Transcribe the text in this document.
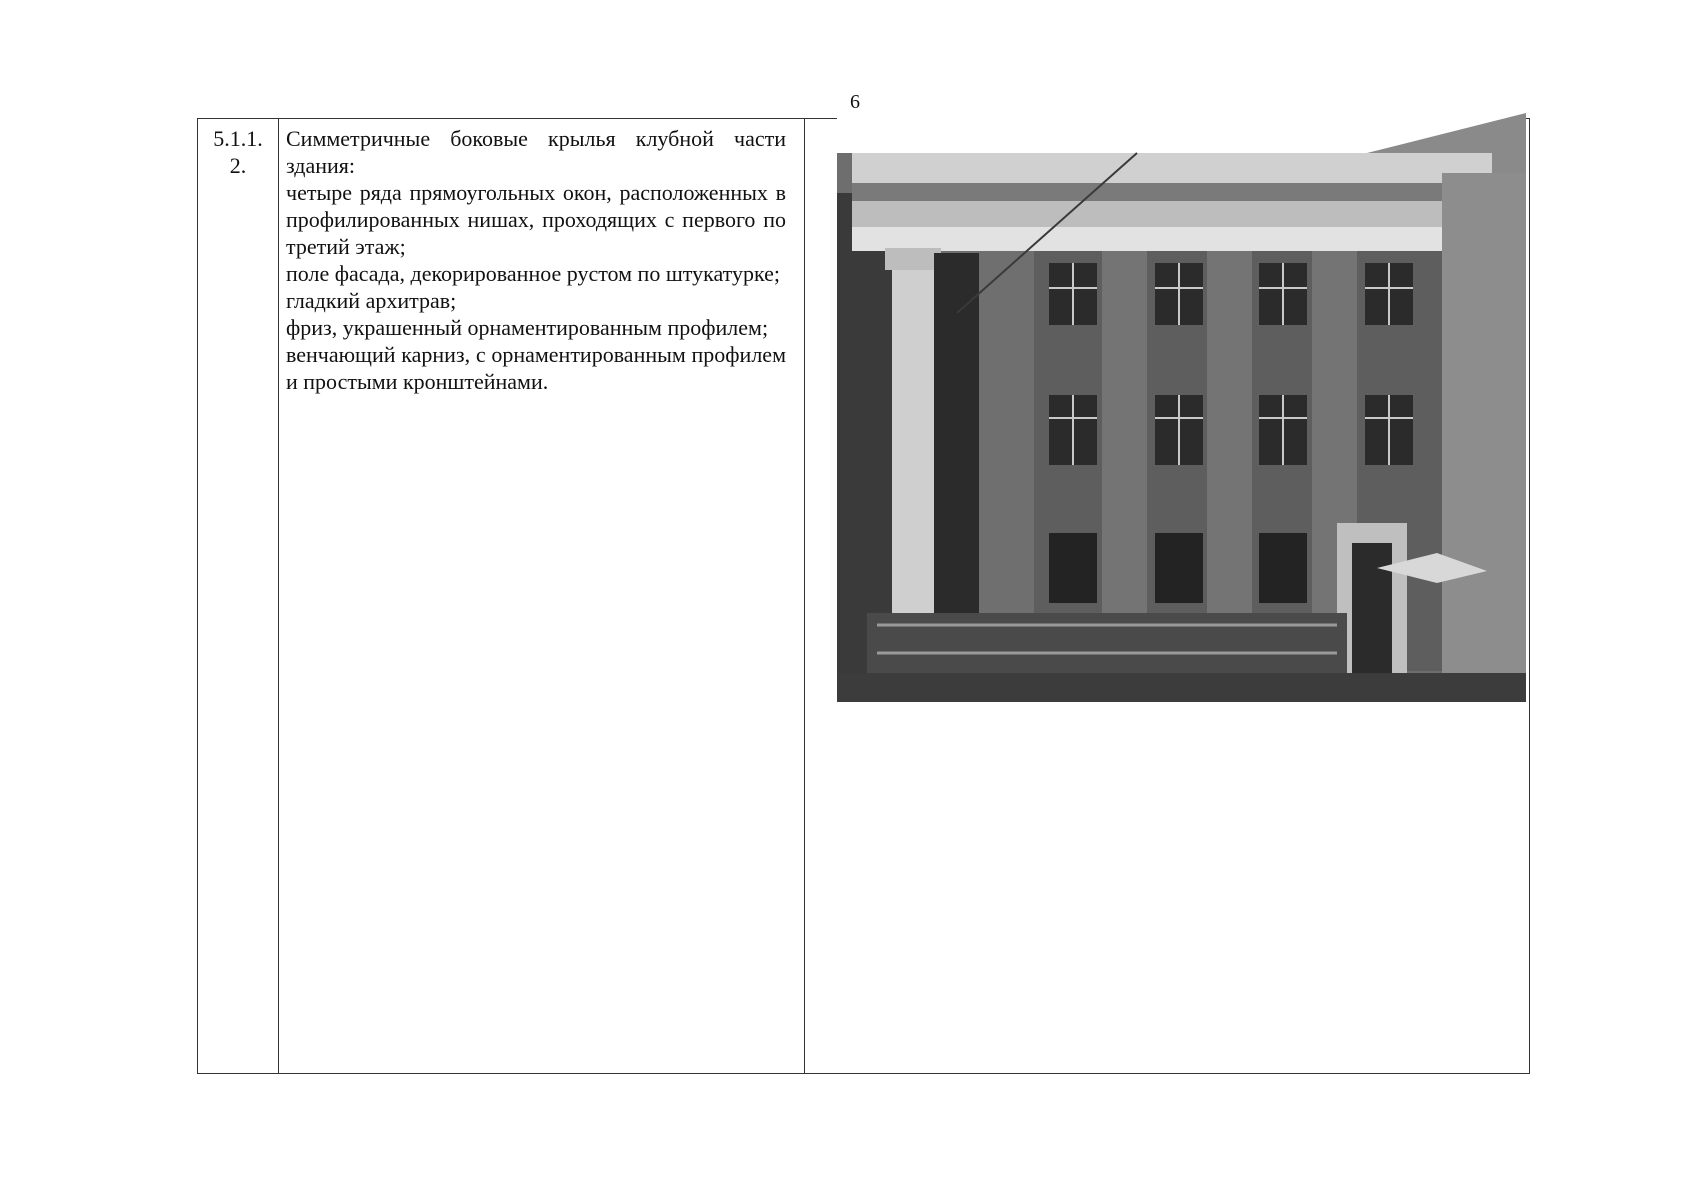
6
5.1.1.
2.

Симметричные боковые крылья клубной части здания:

четыре ряда прямоугольных окон, расположенных в профилированных нишах, проходящих с первого по третий этаж;

поле фасада, декорированное рустом по штукатурке;

гладкий архитрав;

фриз, украшенный орнаментированным профилем;

венчающий карниз, с орнаментированным профилем и простыми кронштейнами.
